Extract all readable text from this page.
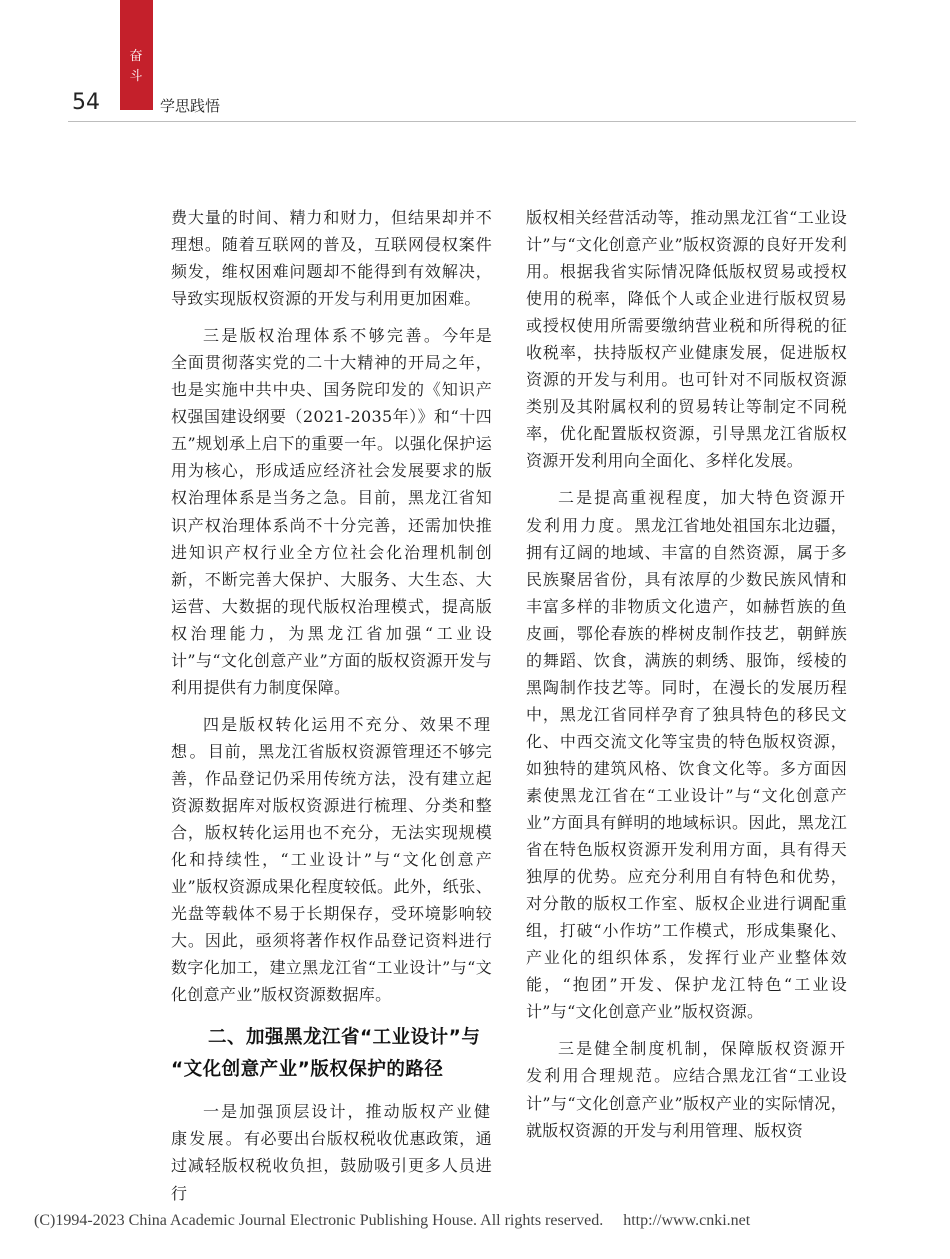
奋
斗
54	学思践悟

费大量的时间、精力和财力，但结果却并不理想。随着互联网的普及，互联网侵权案件频发，维权困难问题却不能得到有效解决，导致实现版权资源的开发与利用更加困难。

三是版权治理体系不够完善。今年是全面贯彻落实党的二十大精神的开局之年，也是实施中共中央、国务院印发的《知识产权强国建设纲要（2021-2035年）》和“十四五”规划承上启下的重要一年。以强化保护运用为核心，形成适应经济社会发展要求的版权治理体系是当务之急。目前，黑龙江省知识产权治理体系尚不十分完善，还需加快推进知识产权行业全方位社会化治理机制创新，不断完善大保护、大服务、大生态、大运营、大数据的现代版权治理模式，提高版权治理能力，为黑龙江省加强“工业设计”与“文化创意产业”方面的版权资源开发与利用提供有力制度保障。

四是版权转化运用不充分、效果不理想。目前，黑龙江省版权资源管理还不够完善，作品登记仍采用传统方法，没有建立起资源数据库对版权资源进行梳理、分类和整合，版权转化运用也不充分，无法实现规模化和持续性，“工业设计”与“文化创意产业”版权资源成果化程度较低。此外，纸张、光盘等载体不易于长期保存，受环境影响较大。因此，亟须将著作权作品登记资料进行数字化加工，建立黑龙江省“工业设计”与“文化创意产业”版权资源数据库。

二、加强黑龙江省“工业设计”与
“文化创意产业”版权保护的路径

一是加强顶层设计，推动版权产业健康发展。有必要出台版权税收优惠政策，通过减轻版权税收负担，鼓励吸引更多人员进行

版权相关经营活动等，推动黑龙江省“工业设计”与“文化创意产业”版权资源的良好开发利用。根据我省实际情况降低版权贸易或授权使用的税率，降低个人或企业进行版权贸易或授权使用所需要缴纳营业税和所得税的征收税率，扶持版权产业健康发展，促进版权资源的开发与利用。也可针对不同版权资源类别及其附属权利的贸易转让等制定不同税率，优化配置版权资源，引导黑龙江省版权资源开发利用向全面化、多样化发展。

二是提高重视程度，加大特色资源开发利用力度。黑龙江省地处祖国东北边疆，拥有辽阔的地域、丰富的自然资源，属于多民族聚居省份，具有浓厚的少数民族风情和丰富多样的非物质文化遗产，如赫哲族的鱼皮画，鄂伦春族的桦树皮制作技艺，朝鲜族的舞蹈、饮食，满族的刺绣、服饰，绥棱的黑陶制作技艺等。同时，在漫长的发展历程中，黑龙江省同样孕育了独具特色的移民文化、中西交流文化等宝贵的特色版权资源，如独特的建筑风格、饮食文化等。多方面因素使黑龙江省在“工业设计”与“文化创意产业”方面具有鲜明的地域标识。因此，黑龙江省在特色版权资源开发利用方面，具有得天独厚的优势。应充分利用自有特色和优势，对分散的版权工作室、版权企业进行调配重组，打破“小作坊”工作模式，形成集聚化、产业化的组织体系，发挥行业产业整体效能，“抱团”开发、保护龙江特色“工业设计”与“文化创意产业”版权资源。

三是健全制度机制，保障版权资源开发利用合理规范。应结合黑龙江省“工业设计”与“文化创意产业”版权产业的实际情况，就版权资源的开发与利用管理、版权资

(C)1994-2023 China Academic Journal Electronic Publishing House. All rights reserved. http://www.cnki.net
